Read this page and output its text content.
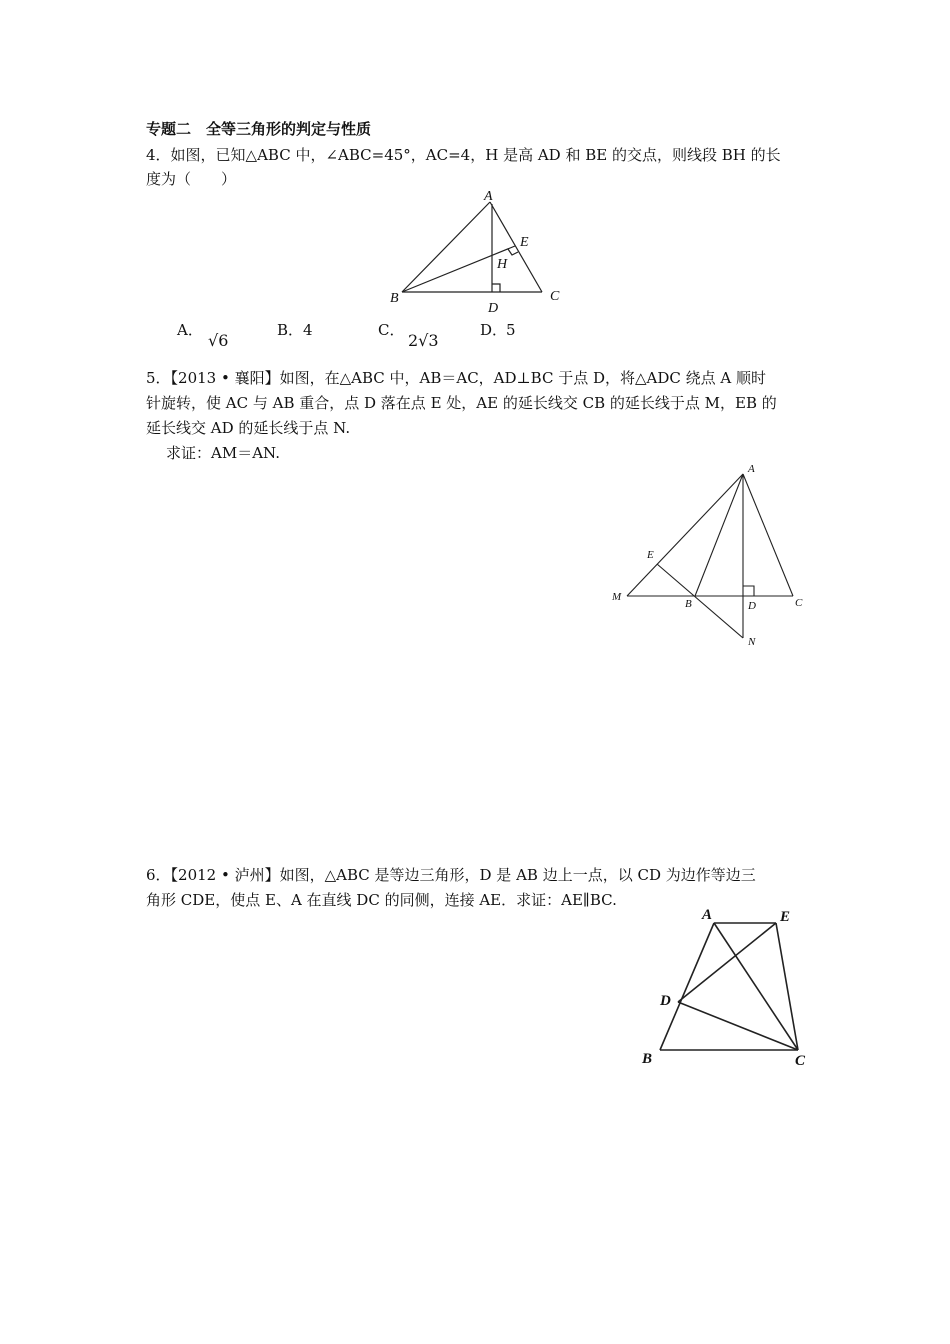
专题二　全等三角形的判定与性质
4．如图，已知△ABC 中，∠ABC=45°，AC=4，H 是高 AD 和 BE 的交点，则线段 BH 的长
度为（　　）
A
E
H
B
D
C
A．
√6
B． 4	C．
2√3
D．
5
5．【2013 • 襄阳】如图，在△ABC 中，AB＝AC，AD⊥BC 于点 D，将△ADC 绕点 A 顺时
针旋转，使 AC 与 AB 重合，点 D 落在点 E 处，AE 的延长线交 CB 的延长线于点 M，EB 的
延长线交 AD 的延长线于点 N.
求证：AM＝AN.
A
E
M
B	D	C
N
6．【2012 • 泸州】如图，△ABC 是等边三角形，D 是 AB 边上一点，以 CD 为边作等边三
角形 CDE，使点 E、A 在直线 DC 的同侧，连接 AE．求证：AE∥BC.
A	E
D
B	C
